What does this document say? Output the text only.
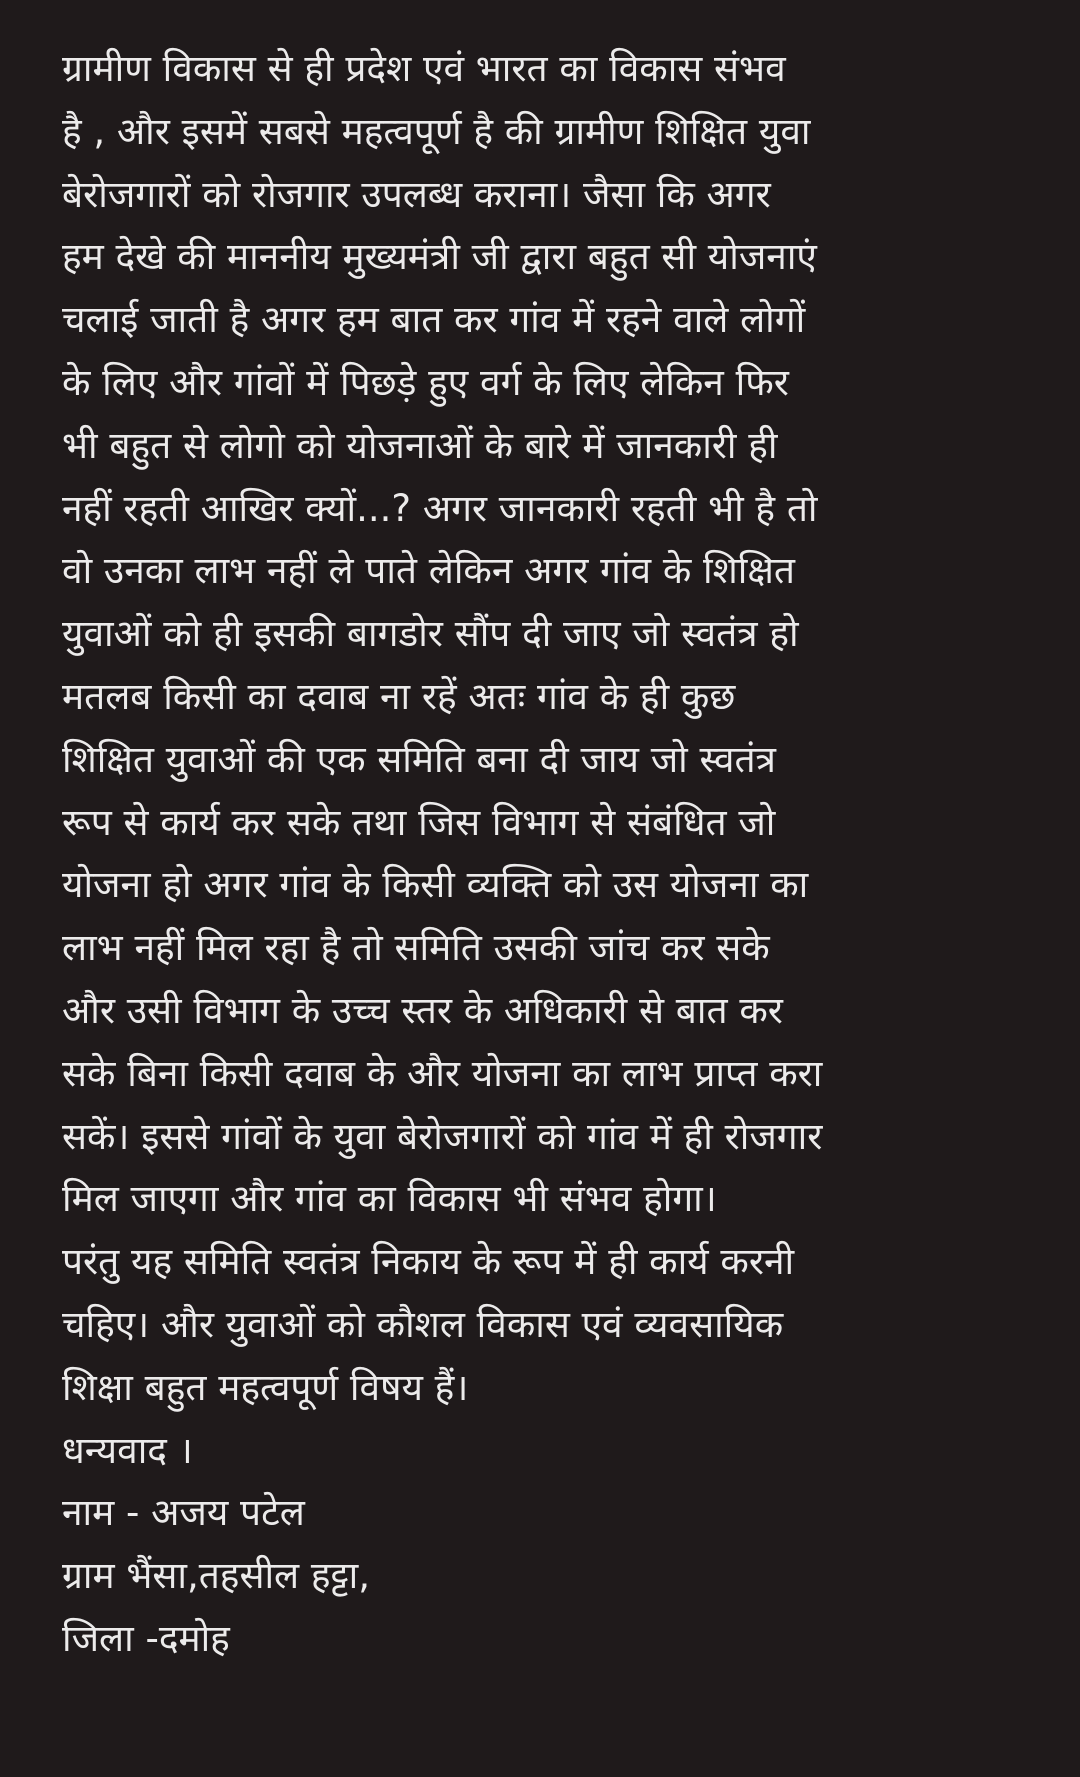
ग्रामीण विकास से ही प्रदेश एवं भारत का विकास संभव
है , और इसमें सबसे महत्वपूर्ण है की ग्रामीण शिक्षित युवा
बेरोजगारों को रोजगार उपलब्ध कराना। जैसा कि अगर
हम देखे की माननीय मुख्यमंत्री जी द्वारा बहुत सी योजनाएं
चलाई जाती है अगर हम बात कर गांव में रहने वाले लोगों
के लिए और गांवों में पिछड़े हुए वर्ग के लिए लेकिन फिर
भी बहुत से लोगो को योजनाओं के बारे में जानकारी ही
नहीं रहती आखिर क्यों...? अगर जानकारी रहती भी है तो
वो उनका लाभ नहीं ले पाते लेकिन अगर गांव के शिक्षित
युवाओं को ही इसकी बागडोर सौंप दी जाए जो स्वतंत्र हो
मतलब किसी का दवाब ना रहें अतः गांव के ही कुछ
शिक्षित युवाओं की एक समिति बना दी जाय जो स्वतंत्र
रूप से कार्य कर सके तथा जिस विभाग से संबंधित जो
योजना हो अगर गांव के किसी व्यक्ति को उस योजना का
लाभ नहीं मिल रहा है तो समिति उसकी जांच कर सके
और उसी विभाग के उच्च स्तर के अधिकारी से बात कर
सके बिना किसी दवाब के और योजना का लाभ प्राप्त करा
सकें। इससे गांवों के युवा बेरोजगारों को गांव में ही रोजगार
मिल जाएगा और गांव का विकास भी संभव होगा।
परंतु यह समिति स्वतंत्र निकाय के रूप में ही कार्य करनी
चहिए। और युवाओं को कौशल विकास एवं व्यवसायिक
शिक्षा बहुत महत्वपूर्ण विषय हैं।
धन्यवाद ।
नाम - अजय पटेल
ग्राम भैंसा,तहसील हट्टा,
जिला -दमोह
